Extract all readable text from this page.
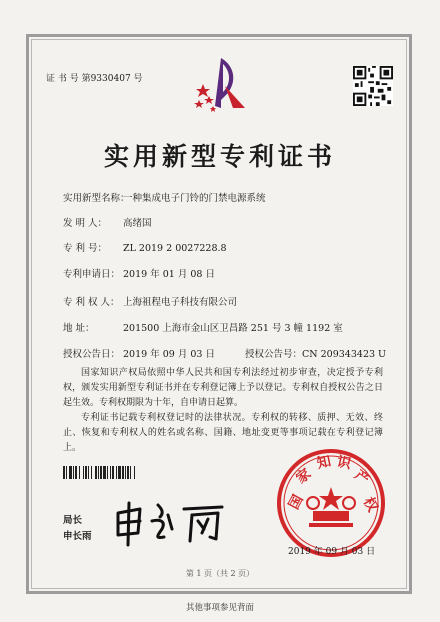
证 书 号 第9330407 号
实用新型专利证书
实用新型名称：一种集成电子门铃的门禁电源系统
发 明 人： 高绪国
专 利 号： ZL 2019 2 0027228.8
专利申请日： 2019 年 01 月 08 日
专 利 权 人： 上海祖程电子科技有限公司
地 址：	201500 上海市金山区卫昌路 251 号 3 幢 1192 室
授权公告日： 2019 年 09 月 03 日	授权公告号：CN 209343423 U

国家知识产权局依照中华人民共和国专利法经过初步审查，决定授予专利权，颁发实用新型专利证书并在专利登记簿上予以登记。专利权自授权公告之日起生效。专利权期限为十年，自申请日起算。

专利证书记载专利权登记时的法律状况。专利权的转移、质押、无效、终止、恢复和专利权人的姓名或名称、国籍、地址变更等事项记载在专利登记簿上。

局长
申长雨
国
家
知 识
产
权
2019 年 09 月 03 日
第 1 页（共 2 页）
其他事项参见背面
